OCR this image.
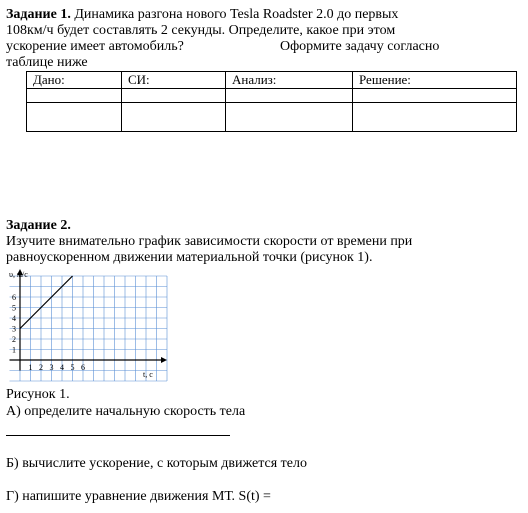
Задание 1. Динамика разгона нового Tesla Roadster 2.0 до первых
108км/ч будет составлять 2 секунды. Определите, какое при этом
ускорение имеет автомобиль?	Оформите задачу согласно
таблице ниже
Дано:	СИ:	Анализ:	Решение:

Задание 2.
Изучите внимательно график зависимости скорости от времени при
равноускоренном движении материальной точки (рисунок 1).
1 2 3 4 5 6
1
2
3
4
5
6
υ, м/с
t, с
Рисунок 1.
А) определите начальную скорость тела
Б) вычислите ускорение, с которым движется тело
Г) напишите уравнение движения МТ. S(t) =
